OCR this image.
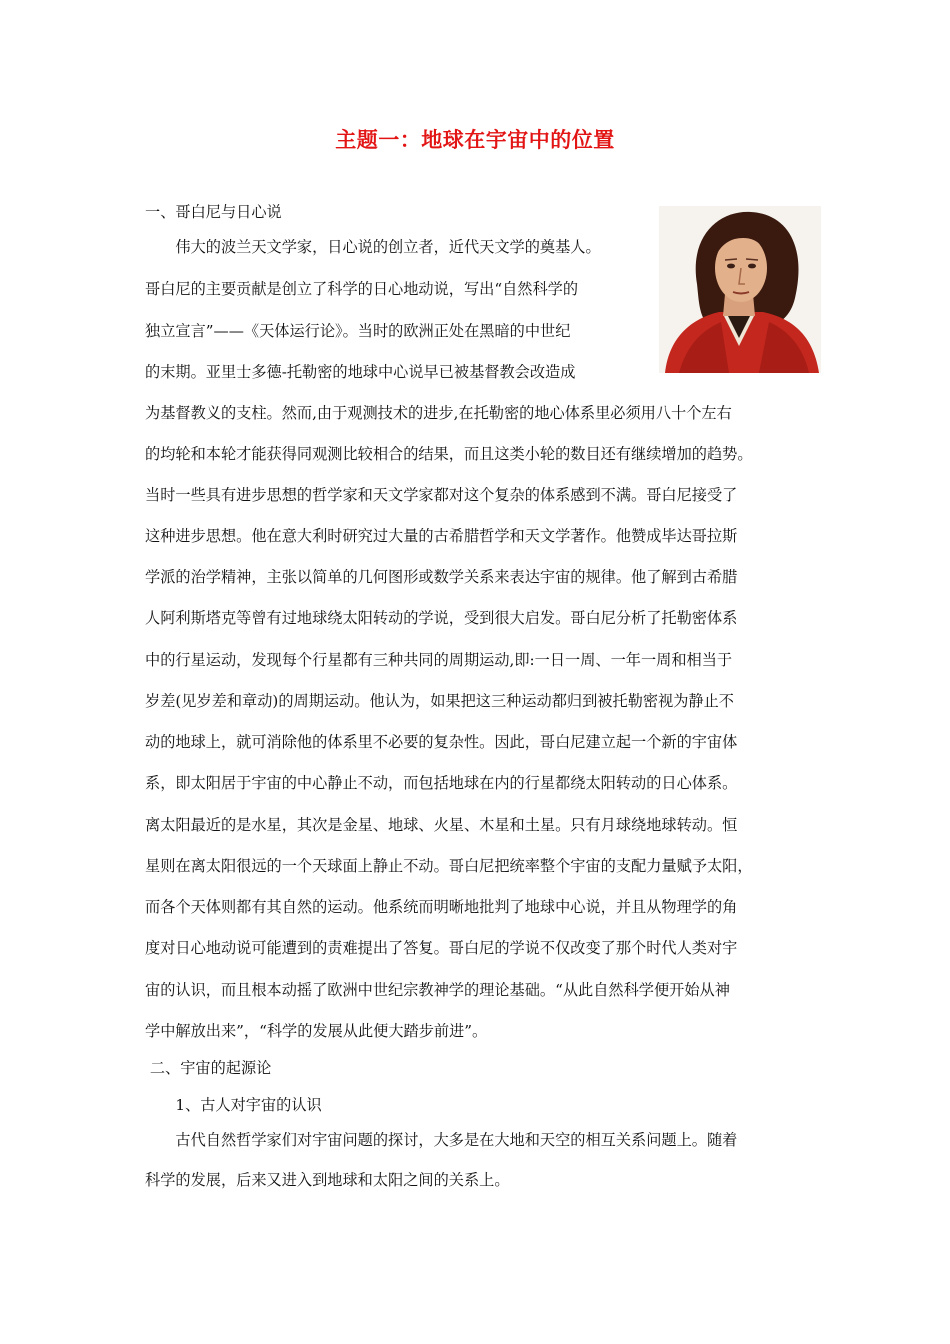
主题一：地球在宇宙中的位置
一、哥白尼与日心说
　　伟大的波兰天文学家，日心说的创立者，近代天文学的奠基人。
哥白尼的主要贡献是创立了科学的日心地动说，写出“自然科学的
独立宣言”——《天体运行论》。当时的欧洲正处在黑暗的中世纪
的末期。亚里士多德-托勒密的地球中心说早已被基督教会改造成
为基督教义的支柱。然而,由于观测技术的进步,在托勒密的地心体系里必须用八十个左右
的均轮和本轮才能获得同观测比较相合的结果，而且这类小轮的数目还有继续增加的趋势。
当时一些具有进步思想的哲学家和天文学家都对这个复杂的体系感到不满。哥白尼接受了
这种进步思想。他在意大利时研究过大量的古希腊哲学和天文学著作。他赞成毕达哥拉斯
学派的治学精神，主张以简单的几何图形或数学关系来表达宇宙的规律。他了解到古希腊
人阿利斯塔克等曾有过地球绕太阳转动的学说，受到很大启发。哥白尼分析了托勒密体系
中的行星运动，发现每个行星都有三种共同的周期运动,即:一日一周、一年一周和相当于
岁差(见岁差和章动)的周期运动。他认为，如果把这三种运动都归到被托勒密视为静止不
动的地球上，就可消除他的体系里不必要的复杂性。因此，哥白尼建立起一个新的宇宙体
系，即太阳居于宇宙的中心静止不动，而包括地球在内的行星都绕太阳转动的日心体系。
离太阳最近的是水星，其次是金星、地球、火星、木星和土星。只有月球绕地球转动。恒
星则在离太阳很远的一个天球面上静止不动。哥白尼把统率整个宇宙的支配力量赋予太阳，
而各个天体则都有其自然的运动。他系统而明晰地批判了地球中心说，并且从物理学的角
度对日心地动说可能遭到的责难提出了答复。哥白尼的学说不仅改变了那个时代人类对宇
宙的认识，而且根本动摇了欧洲中世纪宗教神学的理论基础。“从此自然科学便开始从神
学中解放出来”，“科学的发展从此便大踏步前进”。
二、宇宙的起源论
　　1、古人对宇宙的认识
　　古代自然哲学家们对宇宙问题的探讨，大多是在大地和天空的相互关系问题上。随着
科学的发展，后来又进入到地球和太阳之间的关系上。
